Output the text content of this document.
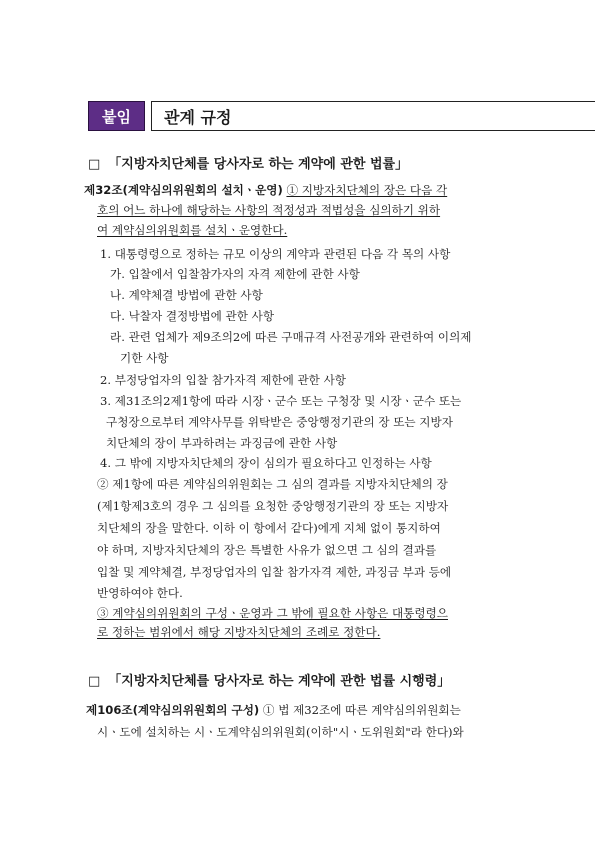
붙임	관계 규정
□ 「지방자치단체를 당사자로 하는 계약에 관한 법률」
제32조(계약심의위원회의 설치ㆍ운영) ① 지방자치단체의 장은 다음 각
호의 어느 하나에 해당하는 사항의 적정성과 적법성을 심의하기 위하
여 계약심의위원회를 설치ㆍ운영한다.
1. 대통령령으로 정하는 규모 이상의 계약과 관련된 다음 각 목의 사항
가. 입찰에서 입찰참가자의 자격 제한에 관한 사항
나. 계약체결 방법에 관한 사항
다. 낙찰자 결정방법에 관한 사항
라. 관련 업체가 제9조의2에 따른 구매규격 사전공개와 관련하여 이의제
기한 사항
2. 부정당업자의 입찰 참가자격 제한에 관한 사항
3. 제31조의2제1항에 따라 시장ㆍ군수 또는 구청장 및 시장ㆍ군수 또는
구청장으로부터 계약사무를 위탁받은 중앙행정기관의 장 또는 지방자
치단체의 장이 부과하려는 과징금에 관한 사항
4. 그 밖에 지방자치단체의 장이 심의가 필요하다고 인정하는 사항
② 제1항에 따른 계약심의위원회는 그 심의 결과를 지방자치단체의 장
(제1항제3호의 경우 그 심의를 요청한 중앙행정기관의 장 또는 지방자
치단체의 장을 말한다. 이하 이 항에서 같다)에게 지체 없이 통지하여
야 하며, 지방자치단체의 장은 특별한 사유가 없으면 그 심의 결과를
입찰 및 계약체결, 부정당업자의 입찰 참가자격 제한, 과징금 부과 등에
반영하여야 한다.
③ 계약심의위원회의 구성ㆍ운영과 그 밖에 필요한 사항은 대통령령으
로 정하는 범위에서 해당 지방자치단체의 조례로 정한다.
□ 「지방자치단체를 당사자로 하는 계약에 관한 법률 시행령」
제106조(계약심의위원회의 구성) ① 법 제32조에 따른 계약심의위원회는
시ㆍ도에 설치하는 시ㆍ도계약심의위원회(이하"시ㆍ도위원회"라 한다)와
